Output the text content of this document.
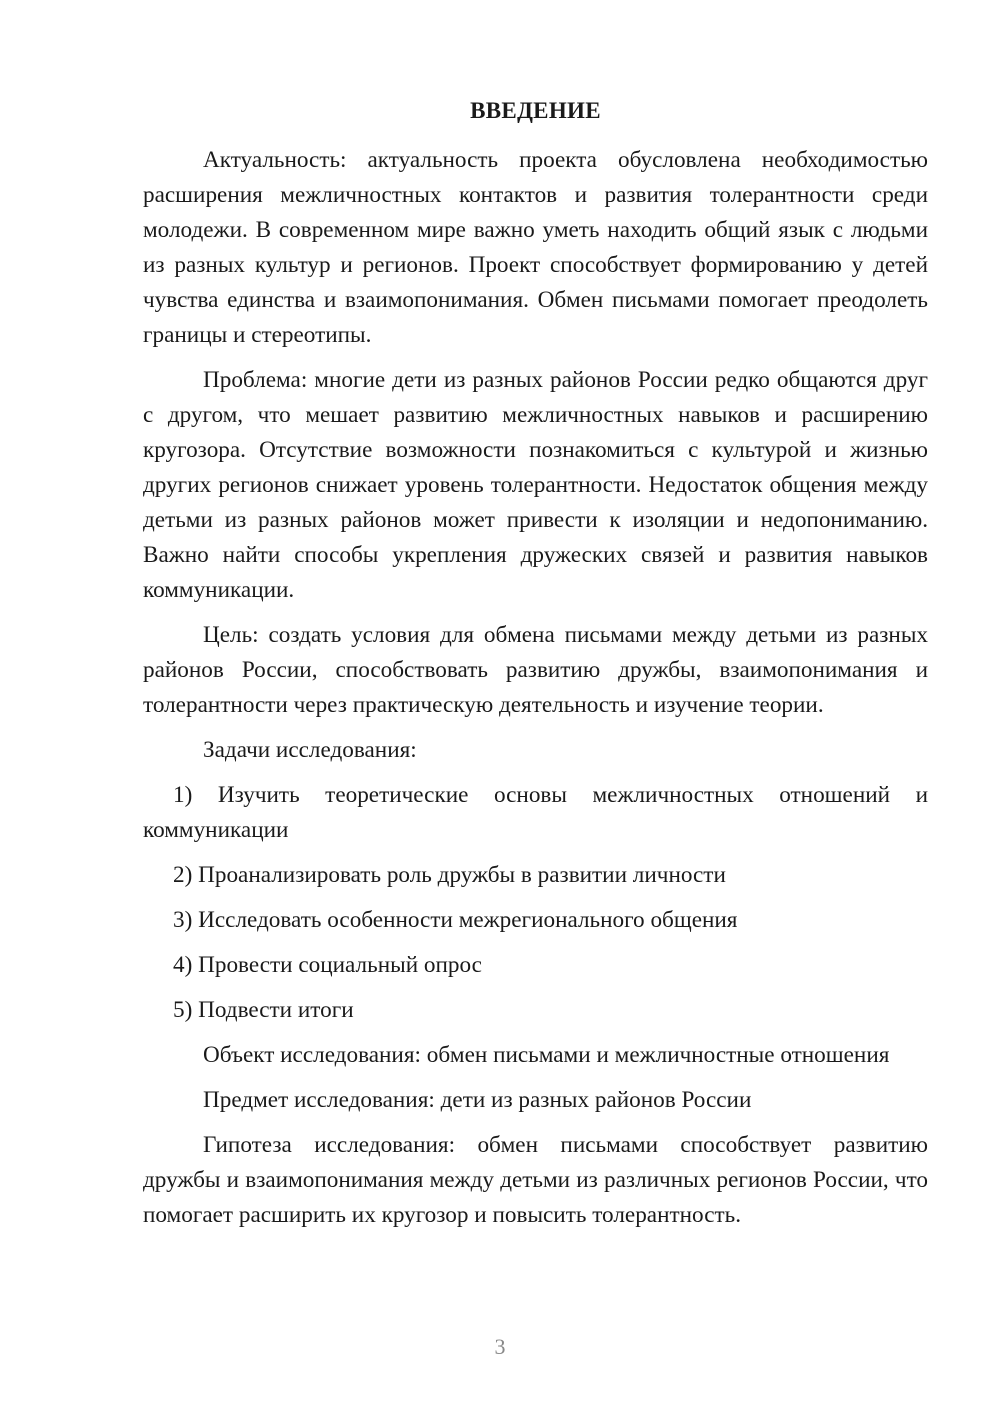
ВВЕДЕНИЕ

Актуальность: актуальность проекта обусловлена необходимостью расширения межличностных контактов и развития толерантности среди молодежи. В современном мире важно уметь находить общий язык с людьми из разных культур и регионов. Проект способствует формированию у детей чувства единства и взаимопонимания. Обмен письмами помогает преодолеть границы и стереотипы.

Проблема: многие дети из разных районов России редко общаются друг с другом, что мешает развитию межличностных навыков и расширению кругозора. Отсутствие возможности познакомиться с культурой и жизнью других регионов снижает уровень толерантности. Недостаток общения между детьми из разных районов может привести к изоляции и недопониманию. Важно найти способы укрепления дружеских связей и развития навыков коммуникации.

Цель: создать условия для обмена письмами между детьми из разных районов России, способствовать развитию дружбы, взаимопонимания и толерантности через практическую деятельность и изучение теории.

Задачи исследования:

1) Изучить теоретические основы межличностных отношений и коммуникации

2) Проанализировать роль дружбы в развитии личности

3) Исследовать особенности межрегионального общения

4) Провести социальный опрос

5) Подвести итоги

Объект исследования: обмен письмами и межличностные отношения

Предмет исследования: дети из разных районов России

Гипотеза исследования: обмен письмами способствует развитию дружбы и взаимопонимания между детьми из различных регионов России, что помогает расширить их кругозор и повысить толерантность.

3
